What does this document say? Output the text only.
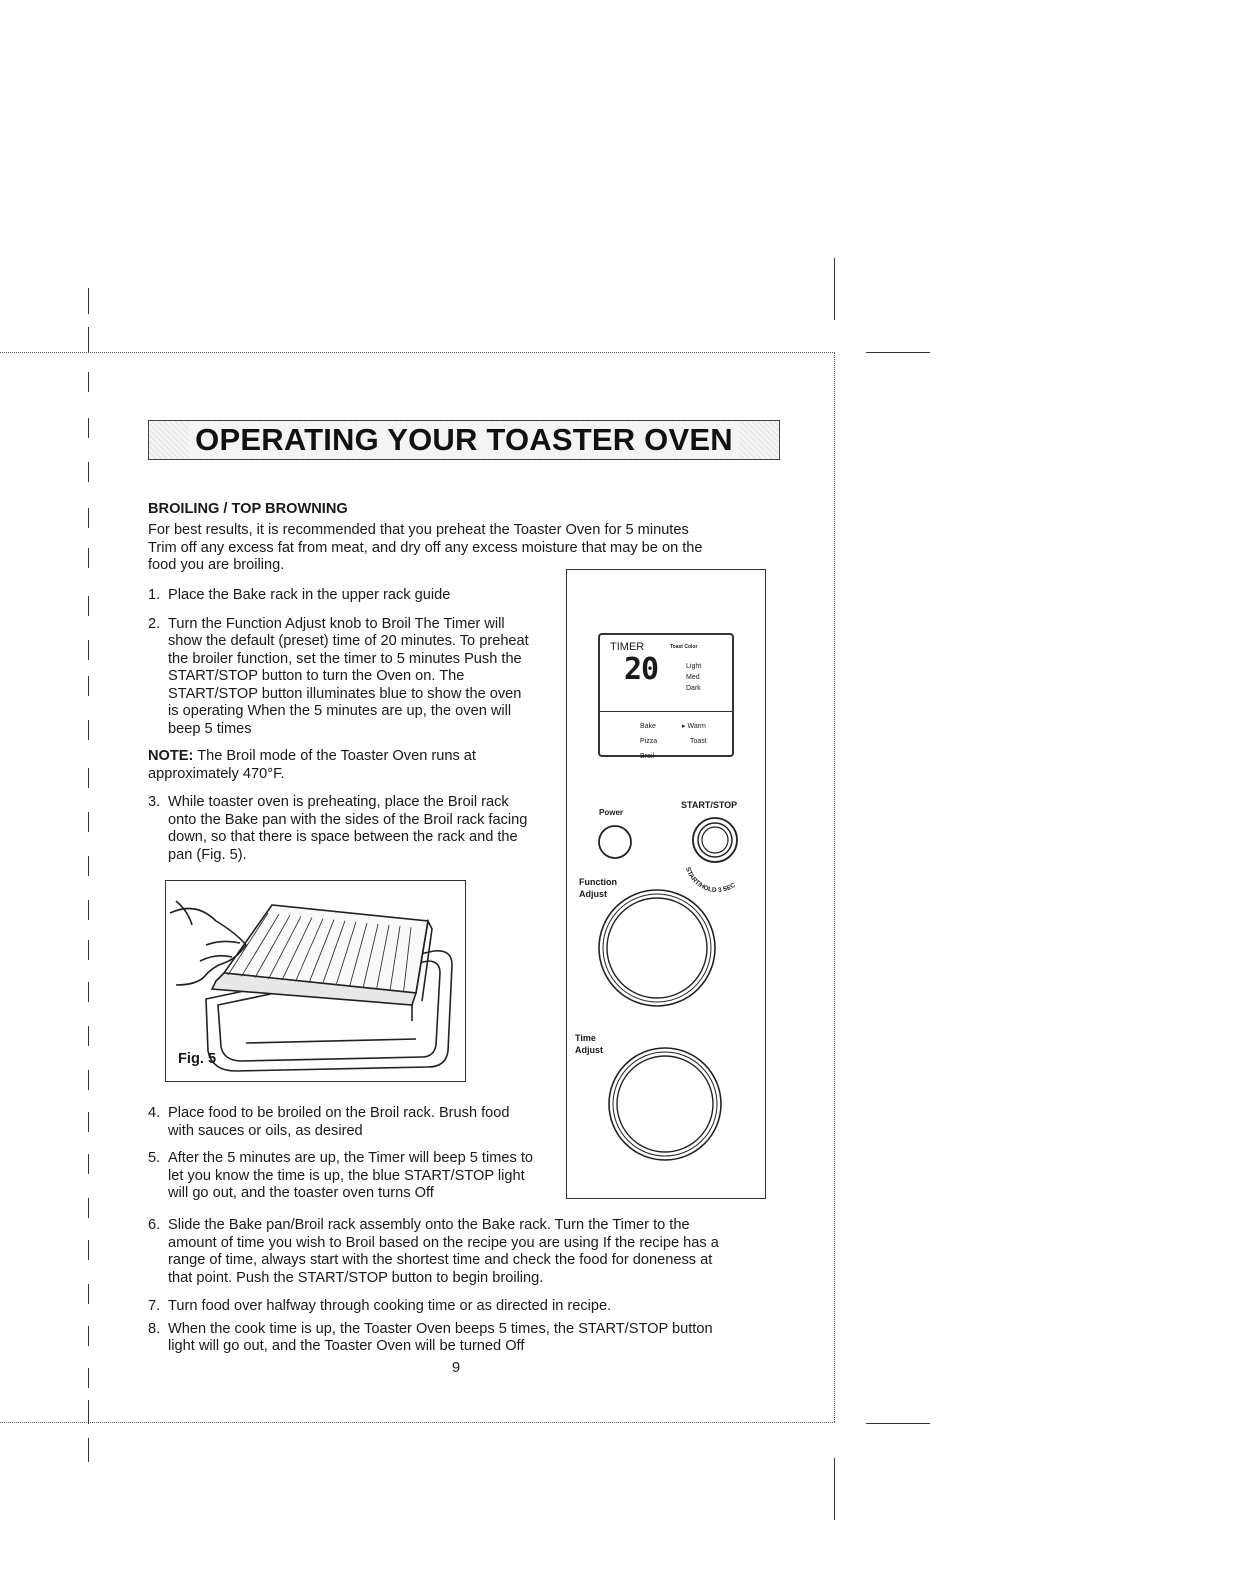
OPERATING YOUR TOASTER OVEN
BROILING / TOP BROWNING
For best results, it is recommended that you preheat the Toaster Oven for 5 minutes
Trim off any excess fat from meat, and dry off any excess moisture that may be on the
food you are broiling.
1. Place the Bake rack in the upper rack guide
2. Turn the Function Adjust knob to Broil The Timer will
show the default (preset) time of 20 minutes. To preheat
the broiler function, set the timer to 5 minutes Push the
START/STOP button to turn the Oven on. The
START/STOP button illuminates blue to show the oven
is operating When the 5 minutes are up, the oven will
beep 5 times
NOTE: The Broil mode of the Toaster Oven runs at
approximately 470°F.
3. While toaster oven is preheating, place the Broil rack
onto the Bake pan with the sides of the Broil rack facing
down, so that there is space between the rack and the
pan (Fig. 5).
Fig. 5
4. Place food to be broiled on the Broil rack. Brush food
with sauces or oils, as desired
5. After the 5 minutes are up, the Timer will beep 5 times to
let you know the time is up, the blue START/STOP light
will go out, and the toaster oven turns Off
6. Slide the Bake pan/Broil rack assembly onto the Bake rack. Turn the Timer to the
amount of time you wish to Broil based on the recipe you are using If the recipe has a
range of time, always start with the shortest time and check the food for doneness at
that point. Push the START/STOP button to begin broiling.
7. Turn food over halfway through cooking time or as directed in recipe.
8. When the cook time is up, the Toaster Oven beeps 5 times, the START/STOP button
light will go out, and the Toaster Oven will be turned Off
9
TIMER	Toast Color
20	Light
Med
Dark
Bake
Pizza
Broil
▸ Warm
Toast
Power
START/STOP
START/HOLD 3 SEC
Function
Adjust
Time
Adjust
